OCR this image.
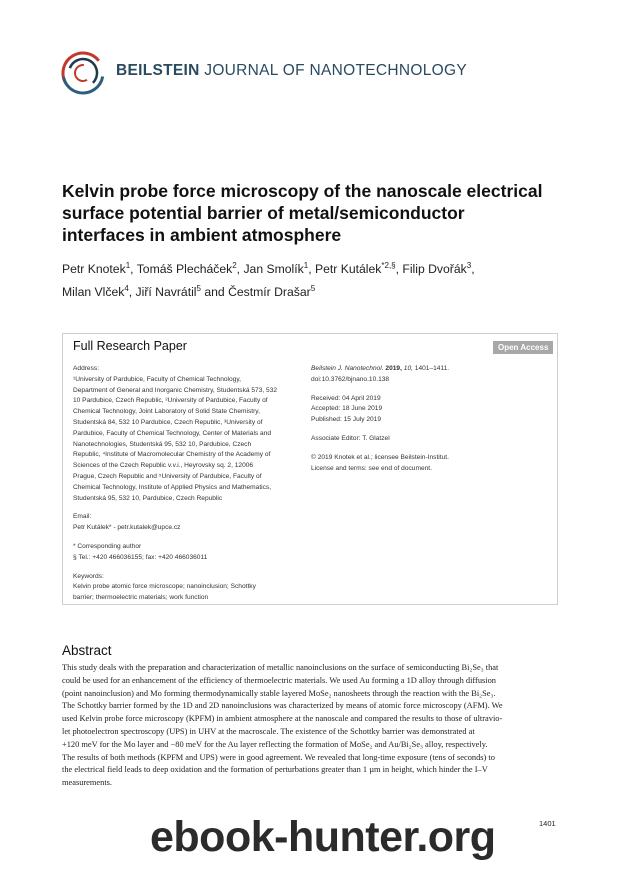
BEILSTEIN JOURNAL OF NANOTECHNOLOGY
Kelvin probe force microscopy of the nanoscale electrical surface potential barrier of metal/semiconductor interfaces in ambient atmosphere
Petr Knotek$^1$, Tomáš Plecháček$^2$, Jan Smolík$^1$, Petr Kutálek$^{*2,\S}$, Filip Dvořák$^3$,
Milan Vlček$^4$, Jiří Navrátil$^5$ and Čestmír Drašar$^5$
Full Research Paper	Open Access
Address:
¹University of Pardubice, Faculty of Chemical Technology,
Department of General and Inorganic Chemistry, Studentská 573, 532
10 Pardubice, Czech Republic, ²University of Pardubice, Faculty of
Chemical Technology, Joint Laboratory of Solid State Chemistry,
Studentská 84, 532 10 Pardubice, Czech Republic, ³University of
Pardubice, Faculty of Chemical Technology, Center of Materials and
Nanotechnologies, Studentská 95, 532 10, Pardubice, Czech
Republic, ⁴Institute of Macromolecular Chemistry of the Academy of
Sciences of the Czech Republic v.v.i., Heyrovsky sq. 2, 12006
Prague, Czech Republic and ⁵University of Pardubice, Faculty of
Chemical Technology, Institute of Applied Physics and Mathematics,
Studentská 95, 532 10, Pardubice, Czech Republic
Email:
Petr Kutálek* - petr.kutalek@upce.cz
* Corresponding author
§ Tel.: +420 466036155; fax: +420 466036011
Keywords:
Kelvin probe atomic force microscope; nanoinclusion; Schottky
barrier; thermoelectric materials; work function
Beilstein J. Nanotechnol. 2019, 10, 1401–1411.
doi:10.3762/bjnano.10.138
Received: 04 April 2019
Accepted: 18 June 2019
Published: 15 July 2019
Associate Editor: T. Glatzel
© 2019 Knotek et al.; licensee Beilstein-Institut.
License and terms: see end of document.
Abstract
This study deals with the preparation and characterization of metallic nanoinclusions on the surface of semiconducting Bi₂Se₃ that
could be used for an enhancement of the efficiency of thermoelectric materials. We used Au forming a 1D alloy through diffusion
(point nanoinclusion) and Mo forming thermodynamically stable layered MoSe₂ nanosheets through the reaction with the Bi₂Se₃.
The Schottky barrier formed by the 1D and 2D nanoinclusions was characterized by means of atomic force microscopy (AFM). We
used Kelvin probe force microscopy (KPFM) in ambient atmosphere at the nanoscale and compared the results to those of ultravio-
let photoelectron spectroscopy (UPS) in UHV at the macroscale. The existence of the Schottky barrier was demonstrated at
+120 meV for the Mo layer and −80 meV for the Au layer reflecting the formation of MoSe₂ and Au/Bi₂Se₃ alloy, respectively.
The results of both methods (KPFM and UPS) were in good agreement. We revealed that long-time exposure (tens of seconds) to
the electrical field leads to deep oxidation and the formation of perturbations greater than 1 µm in height, which hinder the I–V
measurements.
1401
ebook-hunter.org
